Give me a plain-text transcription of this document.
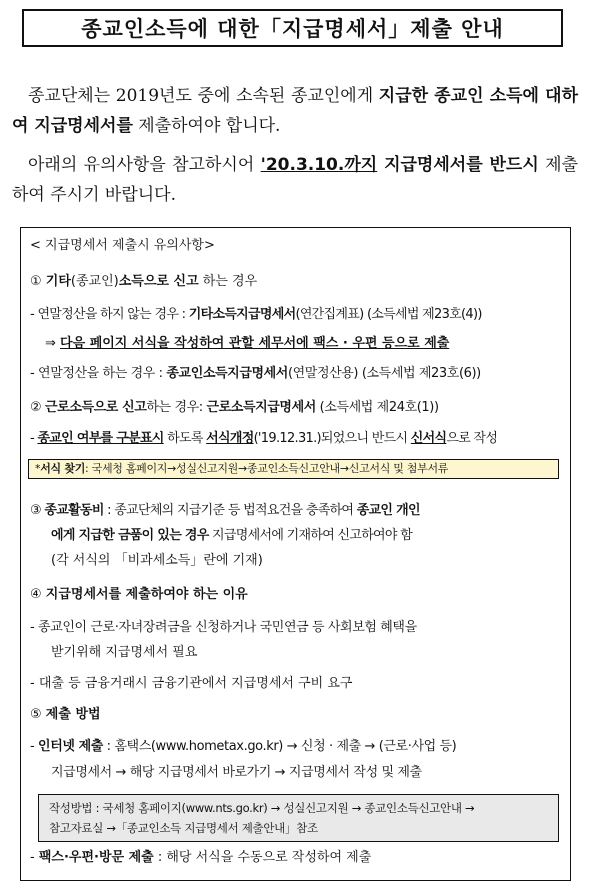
종교인소득에 대한「지급명세서」제출 안내
종교단체는 2019년도 중에 소속된 종교인에게 지급한 종교인 소득에 대하여 지급명세서를 제출하여야 합니다.
아래의 유의사항을 참고하시어 '20.3.10.까지 지급명세서를 반드시 제출하여 주시기 바랍니다.
< 지급명세서 제출시 유의사항>
① 기타(종교인)소득으로 신고 하는 경우
- 연말정산을 하지 않는 경우 : 기타소득지급명세서(연간집계표) (소득세법 제23호(4))
⇒ 다음 페이지 서식을 작성하여 관할 세무서에 팩스 · 우편 등으로 제출
- 연말정산을 하는 경우 : 종교인소득지급명세서(연말정산용) (소득세법 제23호(6))
② 근로소득으로 신고하는 경우: 근로소득지급명세서 (소득세법 제24호(1))
- 종교인 여부를 구분표시 하도록 서식개정('19.12.31.)되었으니 반드시 신서식으로 작성
*서식 찾기: 국세청 홈페이지→성실신고지원→종교인소득신고안내→신고서식 및 첨부서류
③ 종교활동비 : 종교단체의 지급기준 등 법적요건을 충족하여 종교인 개인
에게 지급한 금품이 있는 경우 지급명세서에 기재하여 신고하여야 함
(각 서식의 「비과세소득」란에 기재)
④ 지급명세서를 제출하여야 하는 이유
- 종교인이 근로·자녀장려금을 신청하거나 국민연금 등 사회보험 혜택을
받기위해 지급명세서 필요
- 대출 등 금융거래시 금융기관에서 지급명세서 구비 요구
⑤ 제출 방법
- 인터넷 제출 : 홈택스(www.hometax.go.kr) → 신청 · 제출 → (근로·사업 등)
지급명세서 → 해당 지급명세서 바로가기 → 지급명세서 작성 및 제출
작성방법 : 국세청 홈페이지(www.nts.go.kr) → 성실신고지원 → 종교인소득신고안내 →
참고자료실 →「종교인소득 지급명세서 제출안내」참조
- 팩스·우편·방문 제출 : 해당 서식을 수동으로 작성하여 제출
